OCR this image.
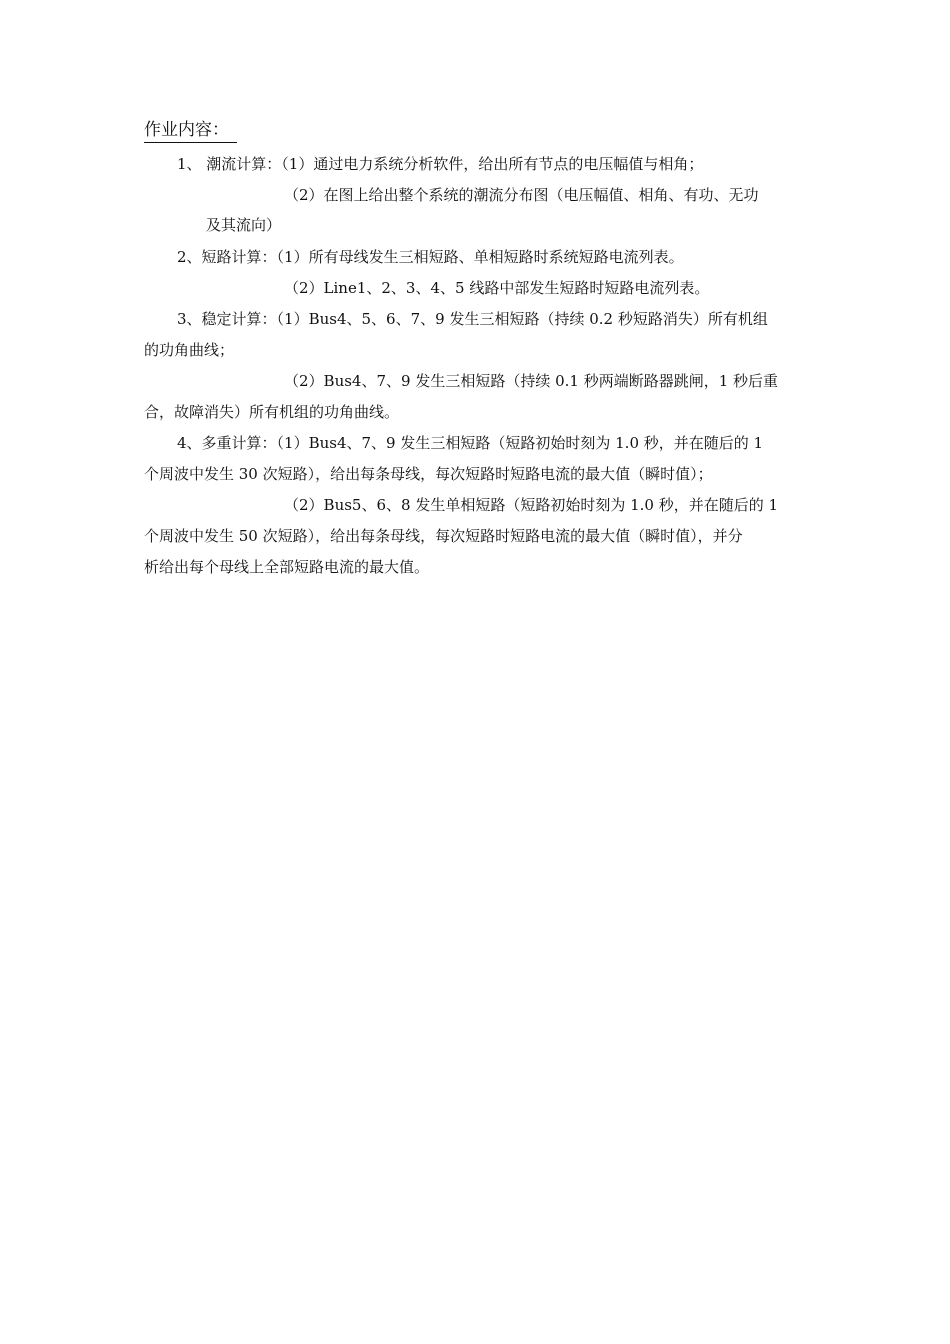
作业内容：
1、 潮流计算：（1）通过电力系统分析软件，给出所有节点的电压幅值与相角；
（2）在图上给出整个系统的潮流分布图（电压幅值、相角、有功、无功
及其流向）
2、短路计算：（1）所有母线发生三相短路、单相短路时系统短路电流列表。
（2）Line1、2、3、4、5 线路中部发生短路时短路电流列表。
3、稳定计算：（1）Bus4、5、6、7、9 发生三相短路（持续 0.2 秒短路消失）所有机组
的功角曲线；
（2）Bus4、7、9 发生三相短路（持续 0.1 秒两端断路器跳闸，1 秒后重
合，故障消失）所有机组的功角曲线。
4、多重计算：（1）Bus4、7、9 发生三相短路（短路初始时刻为 1.0 秒，并在随后的 1
个周波中发生 30 次短路），给出每条母线，每次短路时短路电流的最大值（瞬时值）；
（2）Bus5、6、8 发生单相短路（短路初始时刻为 1.0 秒，并在随后的 1
个周波中发生 50 次短路），给出每条母线，每次短路时短路电流的最大值（瞬时值），并分
析给出每个母线上全部短路电流的最大值。
